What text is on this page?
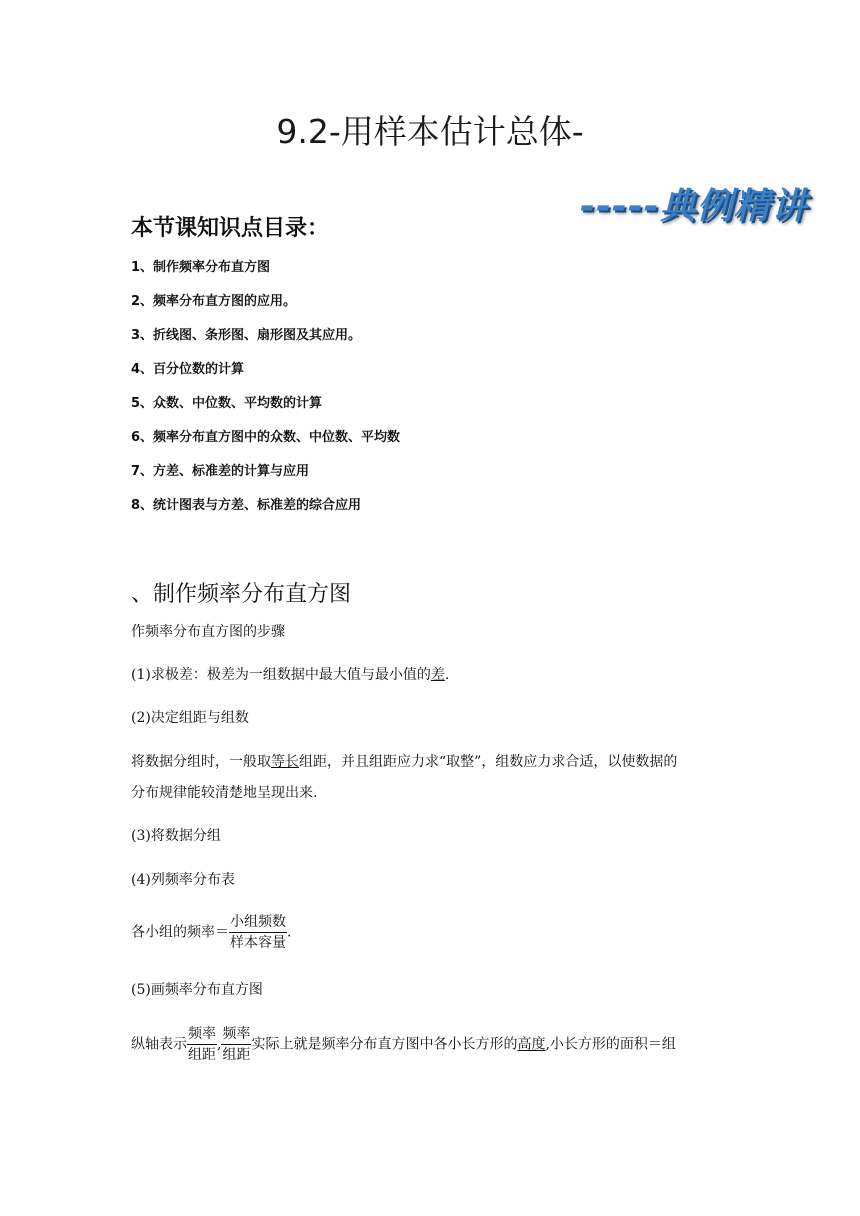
9.2-用样本估计总体-
-----典例精讲
本节课知识点目录：
1、制作频率分布直方图
2、频率分布直方图的应用。
3、折线图、条形图、扇形图及其应用。
4、百分位数的计算
5、众数、中位数、平均数的计算
6、频率分布直方图中的众数、中位数、平均数
7、方差、标准差的计算与应用
8、统计图表与方差、标准差的综合应用
、制作频率分布直方图
作频率分布直方图的步骤
(1)求极差：极差为一组数据中最大值与最小值的差.
(2)决定组距与组数
将数据分组时，一般取等长组距，并且组距应力求“取整”，组数应力求合适，以使数据的
分布规律能较清楚地呈现出来.
(3)将数据分组
(4)列频率分布表
各小组的频率＝ $\frac{\text{小组频数}}{\text{样本容量}}$ .
(5)画频率分布直方图
纵轴表示 $\frac{\text{频率}}{\text{组距}}$ , $\frac{\text{频率}}{\text{组距}}$ 实际上就是频率分布直方图中各小长方形的高度,小长方形的面积＝组
